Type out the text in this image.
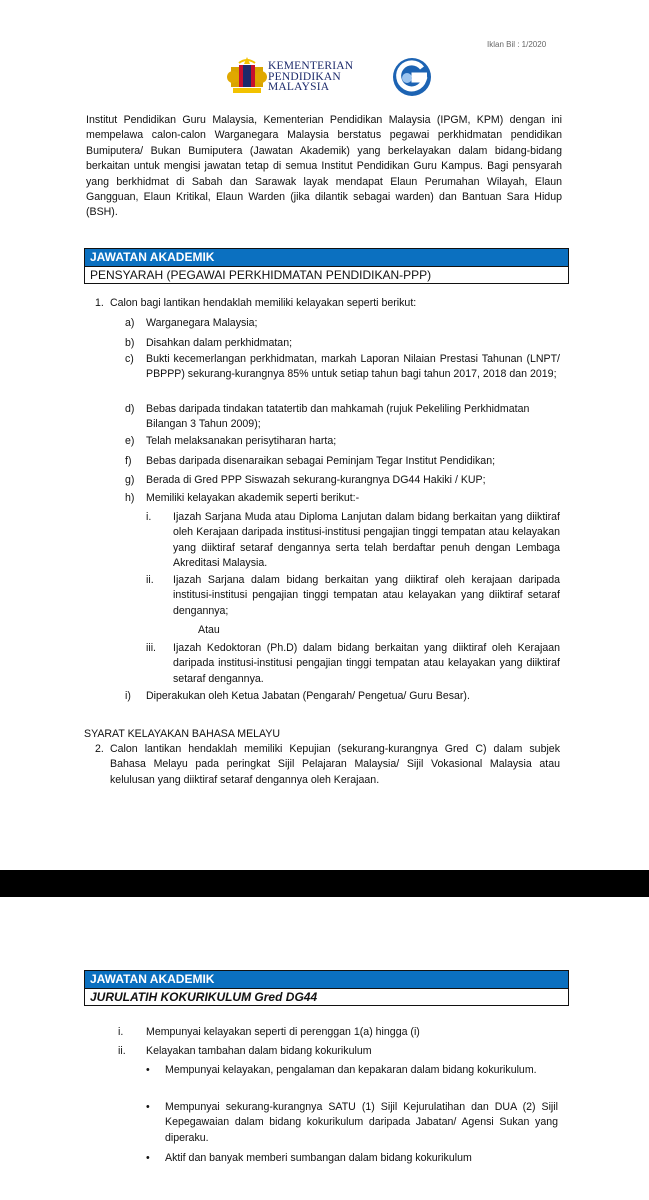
Iklan Bil : 1/2020
KEMENTERIAN
PENDIDIKAN
MALAYSIA
Institut Pendidikan Guru Malaysia, Kementerian Pendidikan Malaysia (IPGM, KPM) dengan ini mempelawa calon-calon Warganegara Malaysia berstatus pegawai perkhidmatan pendidikan Bumiputera/ Bukan Bumiputera (Jawatan Akademik) yang berkelayakan dalam bidang-bidang berkaitan untuk mengisi jawatan tetap di semua Institut Pendidikan Guru Kampus. Bagi pensyarah yang berkhidmat di Sabah dan Sarawak layak mendapat Elaun Perumahan Wilayah, Elaun Gangguan, Elaun Kritikal, Elaun Warden (jika dilantik sebagai warden) dan Bantuan Sara Hidup (BSH).
JAWATAN AKADEMIK
PENSYARAH (PEGAWAI PERKHIDMATAN PENDIDIKAN-PPP)
1. Calon bagi lantikan hendaklah memiliki kelayakan seperti berikut:
a) Warganegara Malaysia;
b) Disahkan dalam perkhidmatan;
c) Bukti kecemerlangan perkhidmatan, markah Laporan Nilaian Prestasi Tahunan (LNPT/ PBPPP) sekurang-kurangnya 85% untuk setiap tahun bagi tahun 2017, 2018 dan 2019;
d) Bebas daripada tindakan tatatertib dan mahkamah (rujuk Pekeliling Perkhidmatan Bilangan 3 Tahun 2009);
e) Telah melaksanakan perisytiharan harta;
f) Bebas daripada disenaraikan sebagai Peminjam Tegar Institut Pendidikan;
g) Berada di Gred PPP Siswazah sekurang-kurangnya DG44 Hakiki / KUP;
h) Memiliki kelayakan akademik seperti berikut:-
i. Ijazah Sarjana Muda atau Diploma Lanjutan dalam bidang berkaitan yang diiktiraf oleh Kerajaan daripada institusi-institusi pengajian tinggi tempatan atau kelayakan yang diiktiraf setaraf dengannya serta telah berdaftar penuh dengan Lembaga Akreditasi Malaysia.
ii. Ijazah Sarjana dalam bidang berkaitan yang diiktiraf oleh kerajaan daripada institusi-institusi pengajian tinggi tempatan atau kelayakan yang diiktiraf setaraf dengannya;
Atau
iii. Ijazah Kedoktoran (Ph.D) dalam bidang berkaitan yang diiktiraf oleh Kerajaan daripada institusi-institusi pengajian tinggi tempatan atau kelayakan yang diiktiraf setaraf dengannya.
i) Diperakukan oleh Ketua Jabatan (Pengarah/ Pengetua/ Guru Besar).
SYARAT KELAYAKAN BAHASA MELAYU
2. Calon lantikan hendaklah memiliki Kepujian (sekurang-kurangnya Gred C) dalam subjek Bahasa Melayu pada peringkat Sijil Pelajaran Malaysia/ Sijil Vokasional Malaysia atau kelulusan yang diiktiraf setaraf dengannya oleh Kerajaan.
JAWATAN AKADEMIK
JURULATIH KOKURIKULUM Gred DG44
i. Mempunyai kelayakan seperti di perenggan 1(a) hingga (i)
ii. Kelayakan tambahan dalam bidang kokurikulum
• Mempunyai kelayakan, pengalaman dan kepakaran dalam bidang kokurikulum.
• Mempunyai sekurang-kurangnya SATU (1) Sijil Kejurulatihan dan DUA (2) Sijil Kepegawaian dalam bidang kokurikulum daripada Jabatan/ Agensi Sukan yang diperaku.
• Aktif dan banyak memberi sumbangan dalam bidang kokurikulum
